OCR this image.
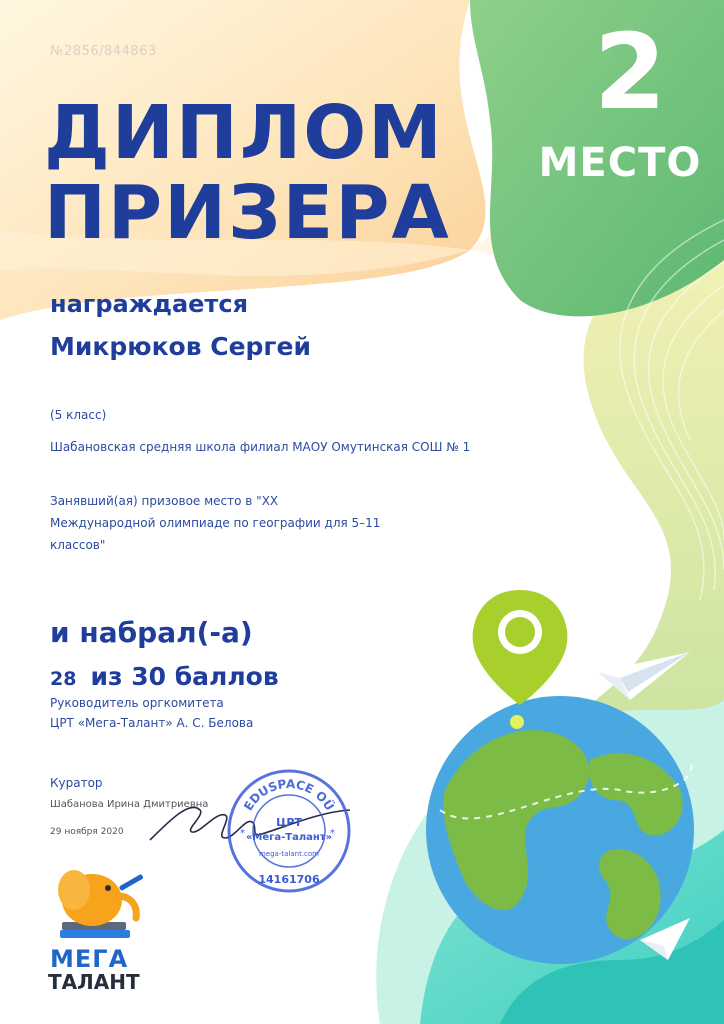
№2856/844863
ДИПЛОМ
ПРИЗЕРА
2
МЕСТО
награждается
Микрюков Сергей
(5 класс)
Шабановская средняя школа филиал МАОУ Омутинская СОШ № 1
Занявший(ая) призовое место в "XX
Международной олимпиаде по географии для 5–11
классов"
и набрал(-а)
28 из 30 баллов
Руководитель оргкомитета
ЦРТ «Мега-Талант» А. С. Белова
Куратор
Шабанова Ирина Дмитриевна
29 ноября 2020
EDUSPACE OÜ
ЦРТ
«Мега-Талант»
mega-talant.com
14161706
*	*
МЕГА
ТАЛАНТ
